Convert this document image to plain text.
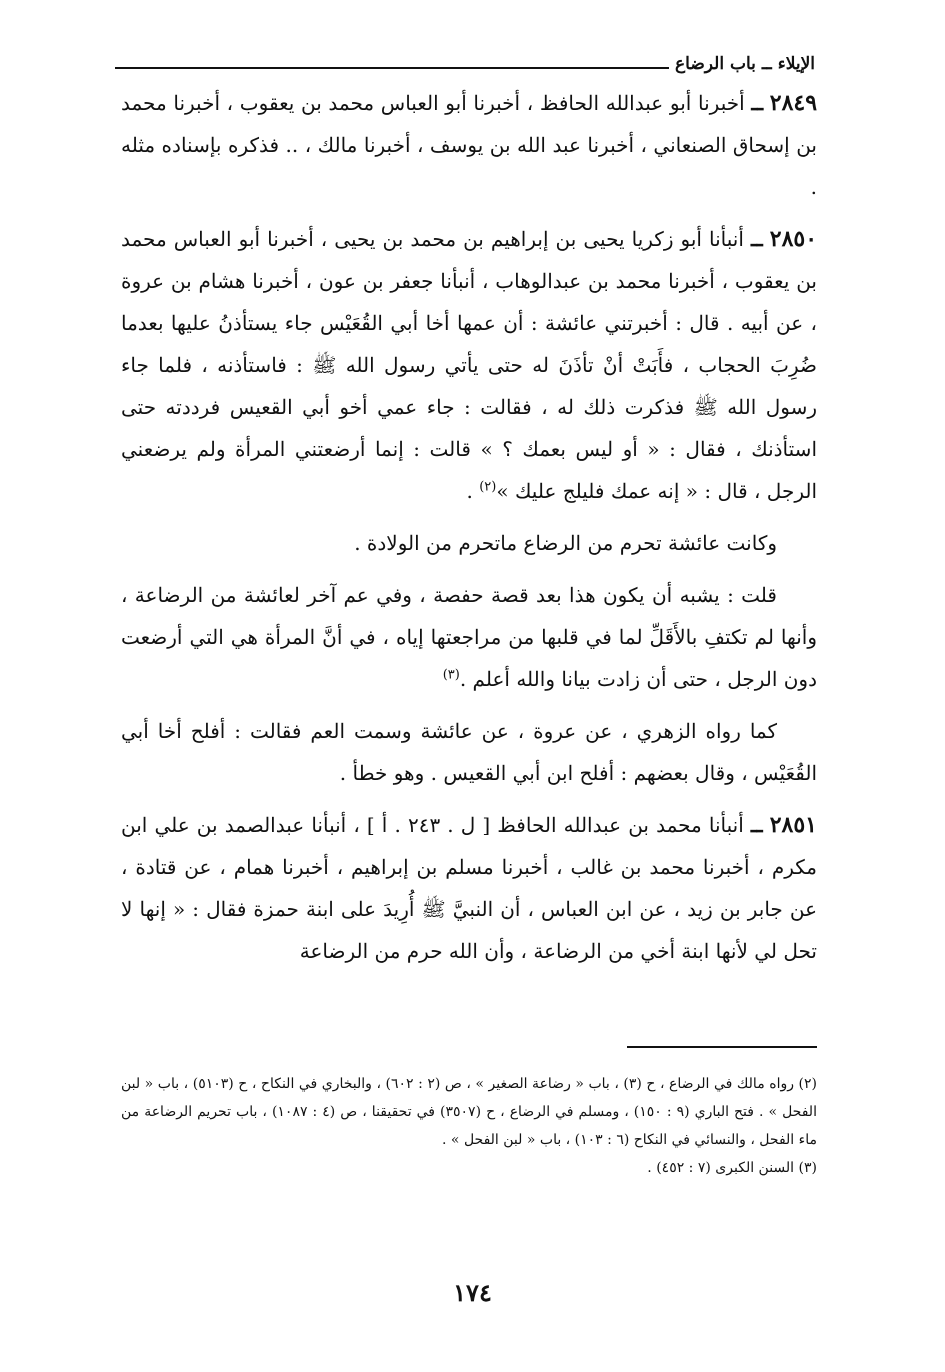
الإيلاء ــ باب الرضاع

٢٨٤٩ ــ أخبرنا أبو عبدالله الحافظ ، أخبرنا أبو العباس محمد بن يعقوب ، أخبرنا محمد بن إسحاق الصنعاني ، أخبرنا عبد الله بن يوسف ، أخبرنا مالك ، .. فذكره بإسناده مثله .

٢٨٥٠ ــ أنبأنا أبو زكريا يحيى بن إبراهيم بن محمد بن يحيى ، أخبرنا أبو العباس محمد بن يعقوب ، أخبرنا محمد بن عبدالوهاب ، أنبأنا جعفر بن عون ، أخبرنا هشام بن عروة ، عن أبيه . قال : أخبرتني عائشة : أن عمها أخا أبي القُعَيْس جاء يستأذنُ عليها بعدما ضُرِبَ الحجاب ، فأَبَتْ أنْ تأذَنَ له حتى يأتي رسول الله ﷺ : فاستأذنه ، فلما جاء رسول الله ﷺ فذكرت ذلك له ، فقالت : جاء عمي أخو أبي القعيس فرددته حتى استأذنك ، فقال : « أو ليس بعمك ؟ » قالت : إنما أرضعتني المرأة ولم يرضعني الرجل ، قال : « إنه عمك فليلج عليك »$^{(٢)}$ .

وكانت عائشة تحرم من الرضاع ماتحرم من الولادة .

قلت : يشبه أن يكون هذا بعد قصة حفصة ، وفي عم آخر لعائشة من الرضاعة ، وأنها لم تكتفِ بالأَقَلِّ لما في قلبها من مراجعتها إياه ، في أنَّ المرأة هي التي أرضعت دون الرجل ، حتى أن زادت بيانا والله أعلم .$^{(٣)}$

كما رواه الزهري ، عن عروة ، عن عائشة وسمت العم فقالت : أفلح أخا أبي القُعَيْس ، وقال بعضهم : أفلح ابن أبي القعيس . وهو خطأ .

٢٨٥١ ــ أنبأنا محمد بن عبدالله الحافظ [ ل . ٢٤٣ . أ ] ، أنبأنا عبدالصمد بن علي ابن مكرم ، أخبرنا محمد بن غالب ، أخبرنا مسلم بن إبراهيم ، أخبرنا همام ، عن قتادة ، عن جابر بن زيد ، عن ابن العباس ، أن النبيَّ ﷺ أُرِيدَ على ابنة حمزة فقال : « إنها لا تحل لي لأنها ابنة أخي من الرضاعة ، وأن الله حرم من الرضاعة

(٢) رواه مالك في الرضاع ، ح (٣) ، باب « رضاعة الصغير » ، ص (٢ : ٦٠٢) ، والبخاري في النكاح ، ح (٥١٠٣) ، باب « لبن الفحل » . فتح الباري (٩ : ١٥٠) ، ومسلم في الرضاع ، ح (٣٥٠٧) في تحقيقنا ، ص (٤ : ١٠٨٧) ، باب تحريم الرضاعة من ماء الفحل ، والنسائي في النكاح (٦ : ١٠٣) ، باب « لبن الفحل » .

(٣) السنن الكبرى (٧ : ٤٥٢) .

١٧٤
